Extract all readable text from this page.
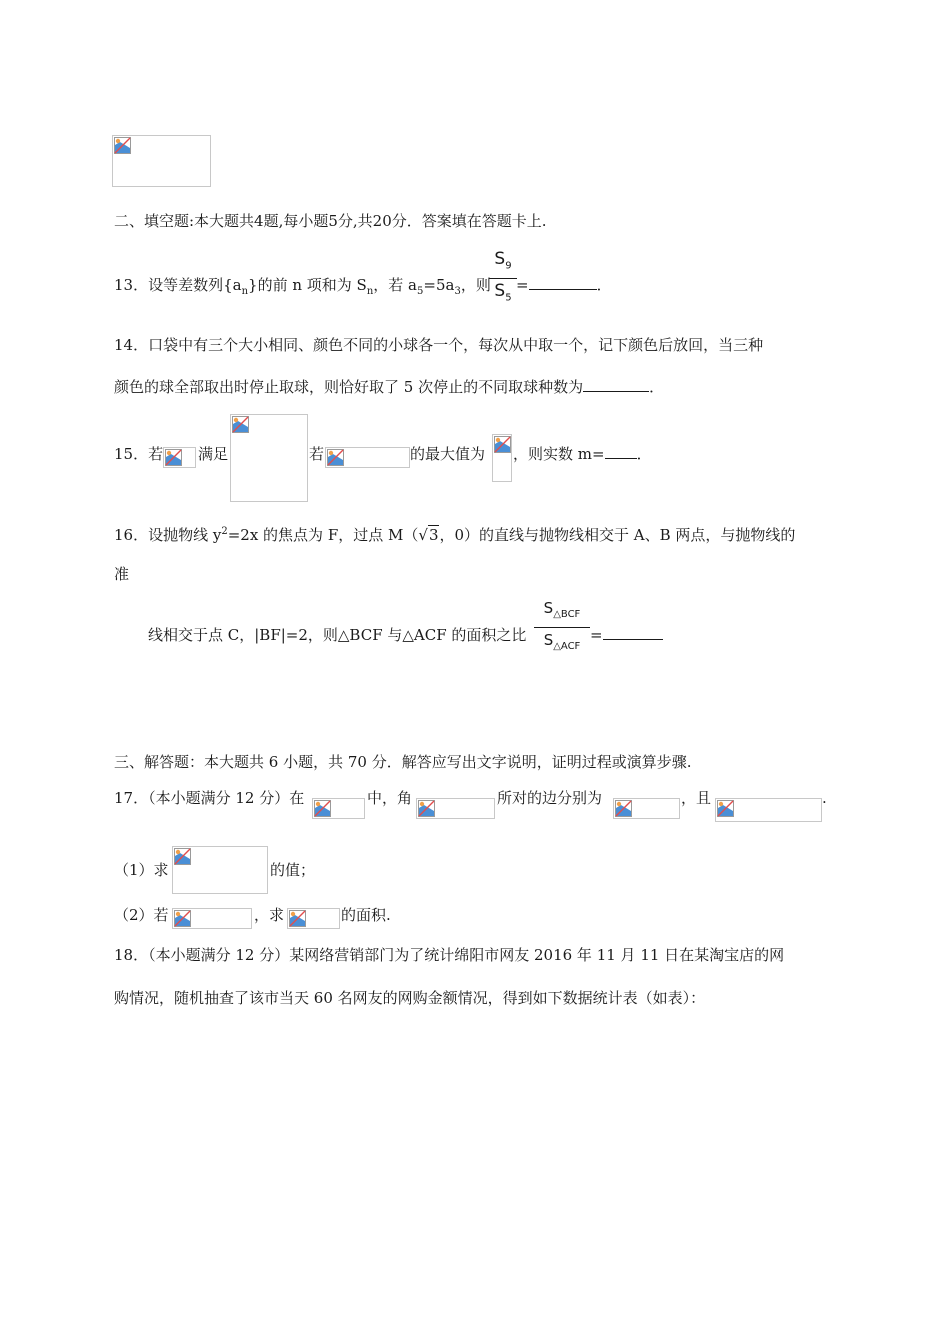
二、填空题:本大题共4题,每小题5分,共20分．答案填在答题卡上.
13．设等差数列$\{a_n\}$的前 n 项和为 $S_n$，若 $a_5=5a_3$，则
$S_9$
$S_5$
=	．
14．口袋中有三个大小相同、颜色不同的小球各一个，每次从中取一个，记下颜色后放回，当三种
颜色的球全部取出时停止取球，则恰好取了 5 次停止的不同取球种数为	．
15．若 满足	若	的最大值为 ，则实数 m= ．
16．设抛物线 $y^2=2x$ 的焦点为 F，过点 M（√3，0）的直线与抛物线相交于 A、B 两点，与抛物线的
准
线相交于点 C，|BF|=2，则△BCF 与△ACF 的面积之比
$S_{\triangle BCF}$
$S_{\triangle ACF}$
=
三、解答题：本大题共 6 小题，共 70 分．解答应写出文字说明，证明过程或演算步骤.
17．（本小题满分 12 分）在	中，角	所对的边分别为	，且	.
（1）求	的值；
（2）若	，求	的面积.
18．（本小题满分 12 分）某网络营销部门为了统计绵阳市网友 2016 年 11 月 11 日在某淘宝店的网
购情况，随机抽查了该市当天 60 名网友的网购金额情况，得到如下数据统计表（如表）：
